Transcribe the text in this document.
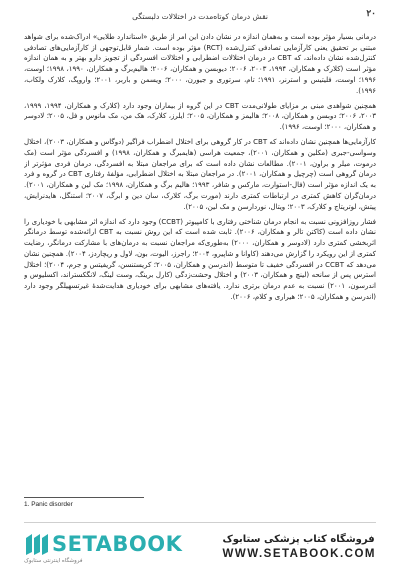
۲۰
نقش درمان کوتاه‌مدت در اختلالات دلبستگی

درمانی بسیار مؤثر بوده است و به‌همان اندازه در نشان دادن این امر از طریق «استاندارد طلایی» ادراک‌شده برای شواهد مبتنی بر تحقیق یعنی کارآزمایی تصادفی کنترل‌شده (RCT) مؤثر بوده است. شمار قابل‌توجهی از کارآزمایی‌های تصادفی کنترل‌شده نشان داده‌اند، که CBT در درمان اختلالات اضطرابی و اختلالات افسردگی از تجویز دارو بهتر و به همان اندازه مؤثر است (کلارک و همکاران، ۱۹۹۴، ۲۰۰۳، ۲۰۰۶؛ دیوبسن و همکاران، ۲۰۰۶؛ هالیم‌برگ و همکاران، ۱۹۹۰، ۱۹۹۸؛ اوست، ۱۹۹۶؛ اوست، فلیتیس و استرنر، ۱۹۹۱؛ تام، سرتوری و جیورن، ۲۰۰۰؛ ویسمن و باربر، ۲۰۰۱؛ واروپگ، کلارک ولکاب، ۱۹۹۶).

همچنین شواهدی مبنی بر مزایای طولانی‌مدت CBT در این گروه از بیماران وجود دارد (کلارک و همکاران، ۱۹۹۴، ۱۹۹۹، ۲۰۰۳، ۲۰۰۶؛ دوبسن و همکاران، ۲۰۰۸؛ هالیمز و همکاران، ۲۰۰۵؛ ایلرز، کلارک، هک من، مک مانوس و فل، ۲۰۰۵؛ لادوسر و همکاران، ۲۰۰۰؛ اوست، ۱۹۹۶).

کارآزمایی‌ها همچنین نشان داده‌اند که CBT در کار گروهی برای اختلال اضطراب فراگیر (دوگاس و همکاران، ۲۰۰۳)، اختلال وسواسی-جبری (مکلین و همکاران، ۲۰۰۱)، جمعیت هراسی (هایمبرگ و همکاران، ۱۹۹۸) و افسردگی مؤثر است (مک درموت، میلر و براون، ۲۰۰۱). مطالعات نشان داده است که برای مراجعان مبتلا به افسردگی، درمان فردی مؤثرتر از درمان گروهی است (چرچیل و همکاران، ۲۰۰۱). در مراجعان مبتلا به اختلال اضطرابی، مؤلفهٔ رفتاری CBT در گروه و فرد به یک اندازه مؤثر است (فال-استوارت، مارکس و شافر، ۱۹۹۳؛ هالیم برگ و همکاران، ۱۹۹۸؛ مک لین و همکاران، ۲۰۰۱). درمان‌گران کاهش کمتری در ارتباطات کمتری دارند (مورت برگ، کلارک، سان دین و ابرگ، ۲۰۰۷؛ استنگل، هایدنرایش، پیتش، لوتریتاج و کلارک، ۲۰۰۳؛ ویتال، نوردارسن و مک لین، ۲۰۰۵).

فشار روزافزونی نسبت به انجام درمان شناختی رفتاری با کامپیوتر (CCBT) وجود دارد که اندازه اثر مشابهی با خودیاری را نشان داده است (کاکتن تالر و همکاران، ۲۰۰۶). ثابت شده است که این روش نسبت به CBT ارائه‌شده توسط درمانگر اثربخشی کمتری دارد (لادوسر و همکاران، ۲۰۰۰) به‌طوری‌که مراجعان نسبت به درمان‌های با مشارکت درمانگر، رضایت کمتری از این رویکرد را گزارش می‌دهند (کاوانا و شاپیرو، ۲۰۰۴؛ راجرز، الیوت، بون، لاول و ریچاردز، ۲۰۰۴). همچنین نشان می‌دهد که CCBT در افسردگی خفیف تا متوسط (اندرسن و همکاران، ۲۰۰۵؛ کریستنسن، گریفیتس و جرم، ۲۰۰۴)؛ اختلال استرس پس از سانحه (لینچ و همکاران، ۲۰۰۳) و اختلال وحشت‌زدگی (کارل برینگ، وست لینگ، لانگکستراند، اکسلیوس و اندرسون، ۲۰۰۱) نسبت به عدم درمان برتری ندارد. یافته‌های مشابهی برای خودیاری هدایت‌شدهٔ غیرتسهیلگر وجود دارد (اندرسن و همکاران، ۲۰۰۵؛ هیراری و کلام، ۲۰۰۶).

1. Panic disorder
SETABOOK
فروشگاه اینترنتی ستابوک
فروشگاه کتاب پزشکی ستابوک
WWW.SETABOOK.COM
